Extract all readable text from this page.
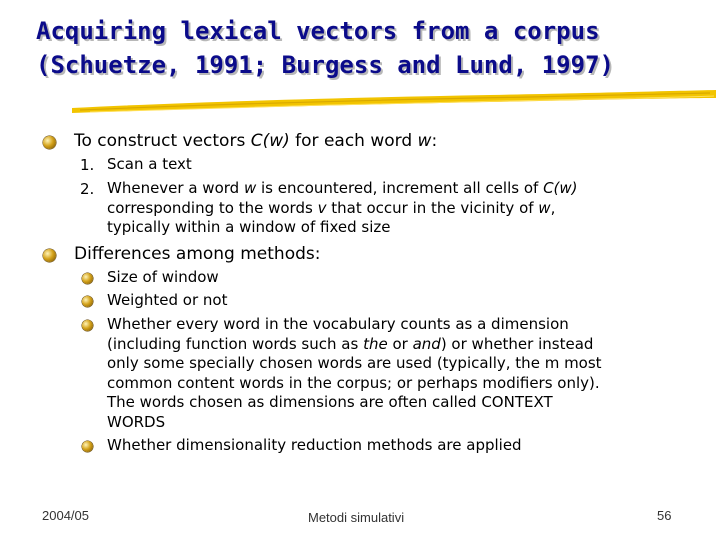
Acquiring lexical vectors from a corpus
(Schuetze, 1991; Burgess and Lund, 1997)
To construct vectors C(w) for each word w:
1. Scan a text
2. Whenever a word w is encountered, increment all cells of C(w)
corresponding to the words v that occur in the vicinity of w,
typically within a window of fixed size
Differences among methods:
Size of window
Weighted or not
Whether every word in the vocabulary counts as a dimension
(including function words such as the or and) or whether instead
only some specially chosen words are used (typically, the m most
common content words in the corpus; or perhaps modifiers only).
The words chosen as dimensions are often called CONTEXT
WORDS
Whether dimensionality reduction methods are applied
2004/05	Metodi simulativi	56
